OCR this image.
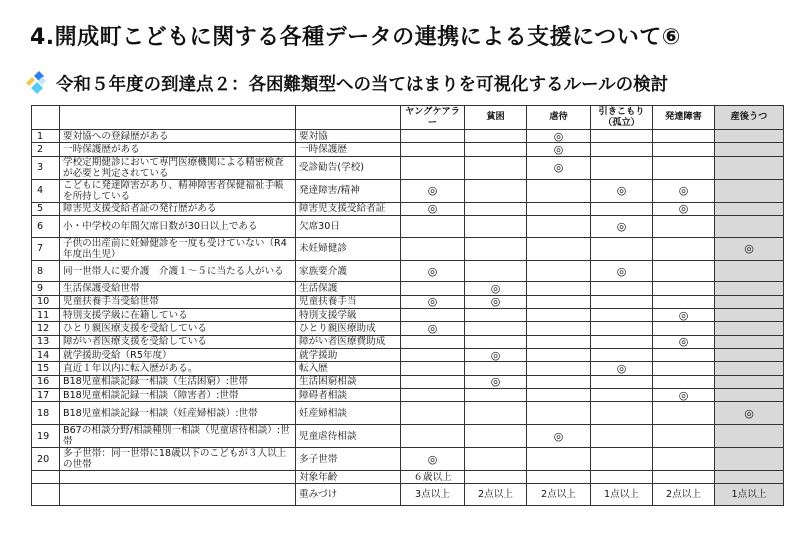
4.開成町こどもに関する各種データの連携による支援について⑥
令和５年度の到達点２：各困難類型への当てはまりを可視化するルールの検討
			ヤングケアラー	貧困	虐待	引きこもり（孤立）	発達障害	産後うつ
1	要対協への登録歴がある	要対協			◎			
2	一時保護歴がある	一時保護歴			◎			
3	学校定期健診において専門医療機関による精密検査が必要と判定されている	受診勧告(学校)			◎			
4	こどもに発達障害があり、精神障害者保健福祉手帳を所持している	発達障害/精神	◎			◎	◎	
5	障害児支援受給者証の発行歴がある	障害児支援受給者証	◎				◎	
6	小・中学校の年間欠席日数が30日以上である	欠席30日				◎		
7	子供の出産前に妊婦健診を一度も受けていない（R4年度出生児）	未妊婦健診						◎
8	同一世帯人に要介護　介護１～５に当たる人がいる	家族要介護	◎			◎		
9	生活保護受給世帯	生活保護		◎				
10	児童扶養手当受給世帯	児童扶養手当	◎	◎				
11	特別支援学級に在籍している	特別支援学級					◎	
12	ひとり親医療支援を受給している	ひとり親医療助成	◎					
13	障がい者医療支援を受給している	障がい者医療費助成					◎	
14	就学援助受給（R5年度）	就学援助		◎				
15	直近１年以内に転入歴がある。	転入歴				◎		
16	B18児童相談記録一相談（生活困窮）:世帯	生活困窮相談		◎				
17	B18児童相談記録一相談（障害者）:世帯	障碍者相談					◎	
18	B18児童相談記録一相談（妊産婦相談）:世帯	妊産婦相談						◎
19	B67の相談分野/相談種別一相談（児童虐待相談）:世帯	児童虐待相談			◎			
20	多子世帯：同一世帯に18歳以下のこどもが３人以上の世帯	多子世帯	◎					
		対象年齢	６歳以上					
		重みづけ	3点以上	2点以上	2点以上	1点以上	2点以上	1点以上
